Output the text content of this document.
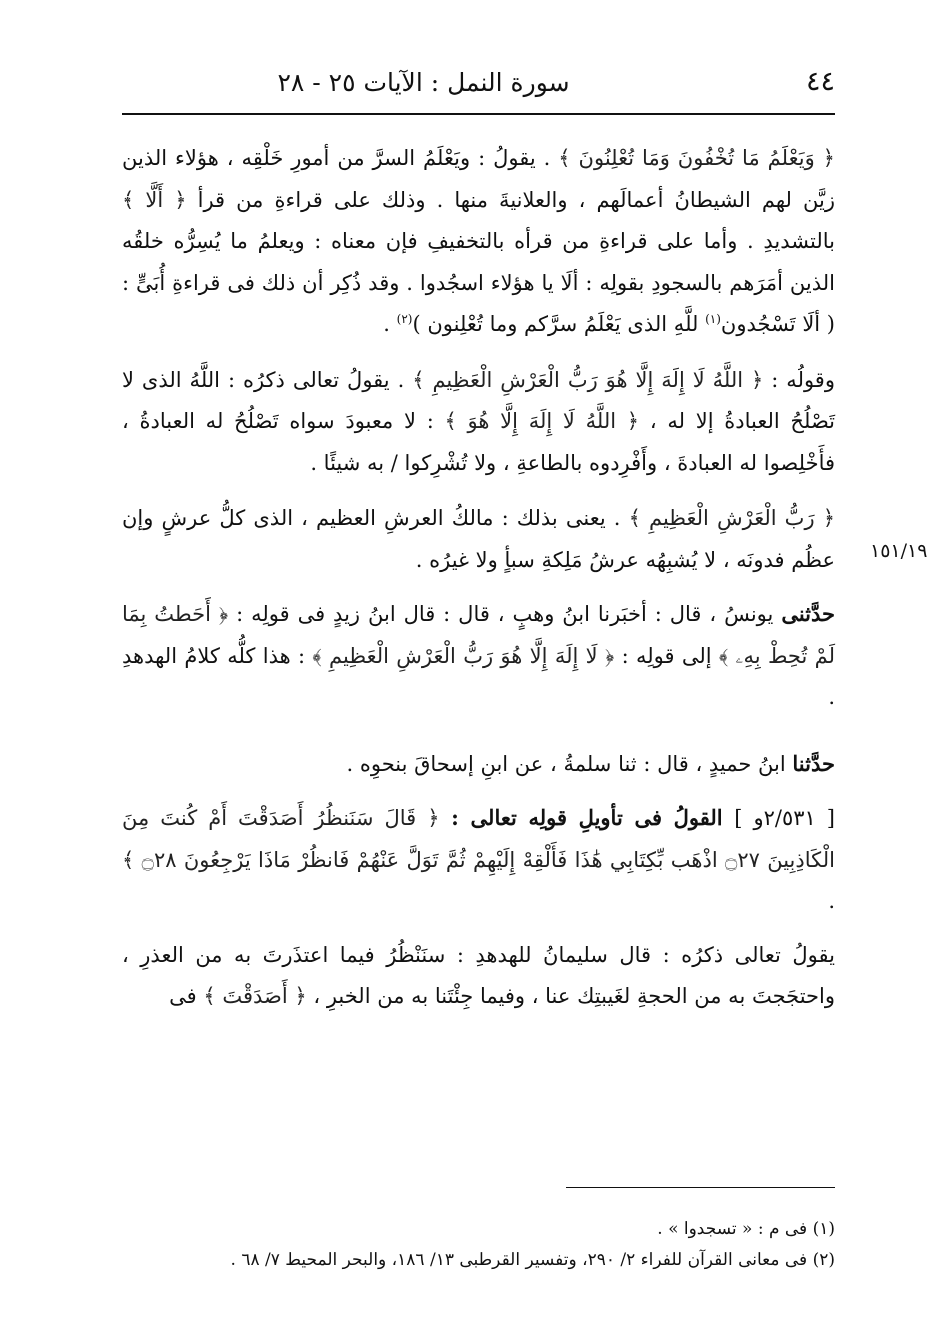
٤٤
سورة النمل : الآيات ٢٥ - ٢٨

﴿ وَيَعْلَمُ مَا تُخْفُونَ وَمَا تُعْلِنُونَ ﴾ . يقولُ : ويَعْلَمُ السرَّ من أمورِ خَلْقِه ، هؤلاء الذين زيَّن لهم الشيطانُ أعمالَهم ، والعلانيةَ منها . وذلك على قراءةِ من قرأ ﴿ أَلَّا ﴾ بالتشديدِ . وأما على قراءةِ من قرأه بالتخفيفِ فإن معناه : ويعلمُ ما يُسِرُّه خلقُه الذين أمَرَهم بالسجودِ بقولِه : ألَا يا هؤلاء اسجُدوا . وقد ذُكِر أن ذلك فى قراءةِ أُبَىٍّ : ( ألَا تَسْجُدون$^{(١)}$ للَّهِ الذى يَعْلَمُ سرَّكم وما تُعْلِنون )$^{(٢)}$ .

وقولُه : ﴿ اللَّهُ لَا إِلَهَ إِلَّا هُوَ رَبُّ الْعَرْشِ الْعَظِيمِ ﴾ . يقولُ تعالى ذكرُه : اللَّهُ الذى لا تَصْلُحُ العبادةُ إلا له ، ﴿ اللَّهُ لَا إِلَهَ إِلَّا هُوَ ﴾ : لا معبودَ سواه تَصْلُحُ له العبادةُ ، فأَخْلِصوا له العبادةَ ، وأَفْرِدوه بالطاعةِ ، ولا تُشْرِكوا / به شيئًا .

﴿ رَبُّ الْعَرْشِ الْعَظِيمِ ﴾ . يعنى بذلك : مالكُ العرشِ العظيم ، الذى كلُّ عرشٍ وإن عظُم فدونَه ، لا يُشبِهُه عرشُ مَلِكةِ سبأٍ ولا غيرُه .

حدَّثنى يونسُ ، قال : أخبَرنا ابنُ وهبٍ ، قال : قال ابنُ زيدٍ فى قولِه : ﴿ أَحَطتُ بِمَا لَمْ تُحِطْ بِهِۦ ﴾ إلى قولِه : ﴿ لَا إِلَهَ إِلَّا هُوَ رَبُّ الْعَرْشِ الْعَظِيمِ ﴾ : هذا كلُّه كلامُ الهدهدِ .

حدَّثنا ابنُ حميدٍ ، قال : ثنا سلمةُ ، عن ابنِ إسحاقَ بنحوِه .

[ ٢/٥٣١و ] القولُ فى تأويلِ قولِه تعالى : ﴿ قَالَ سَنَنظُرُ أَصَدَقْتَ أَمْ كُنتَ مِنَ الْكَاذِبِينَ ۝٢٧ اذْهَب بِّكِتَابِي هَٰذَا فَأَلْقِهْ إِلَيْهِمْ ثُمَّ تَوَلَّ عَنْهُمْ فَانظُرْ مَاذَا يَرْجِعُونَ ۝٢٨ ﴾ .

يقولُ تعالى ذكرُه : قال سليمانُ للهدهدِ : سنَنْظُرُ فيما اعتذَرتَ به من العذرِ ، واحتجَجتَ به من الحجةِ لغَيبتِك عنا ، وفيما جِئْتَنا به من الخبرِ ، ﴿ أَصَدَقْتَ ﴾ فى

١٥١/١٩

(١) فى م : « تسجدوا » .

(٢) فى معانى القرآن للفراء ٢/ ٢٩٠، وتفسير القرطبى ١٣/ ١٨٦، والبحر المحيط ٧/ ٦٨ .
